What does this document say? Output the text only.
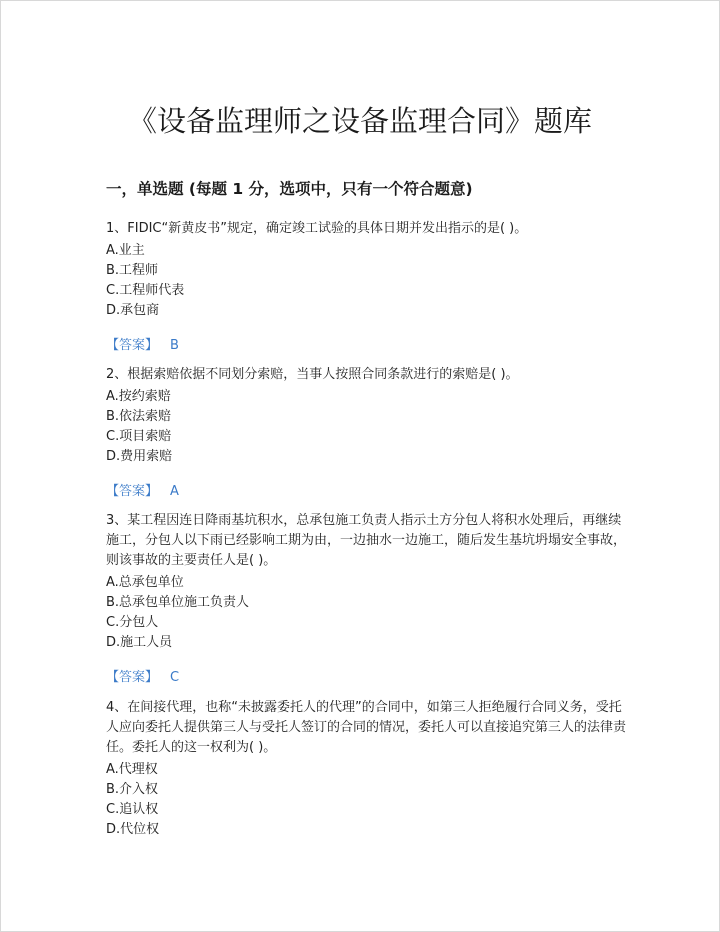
《设备监理师之设备监理合同》题库
一，单选题 (每题 1 分，选项中，只有一个符合题意)
1、FIDIC“新黄皮书”规定，确定竣工试验的具体日期并发出指示的是( )。
A.业主
B.工程师
C.工程师代表
D.承包商
【答案】 B
2、根据索赔依据不同划分索赔，当事人按照合同条款进行的索赔是( )。
A.按约索赔
B.依法索赔
C.项目索赔
D.费用索赔
【答案】 A
3、某工程因连日降雨基坑积水，总承包施工负责人指示土方分包人将积水处理后，再继续施工，分包人以下雨已经影响工期为由，一边抽水一边施工，随后发生基坑坍塌安全事故，则该事故的主要责任人是( )。
A.总承包单位
B.总承包单位施工负责人
C.分包人
D.施工人员
【答案】 C
4、在间接代理，也称“未披露委托人的代理”的合同中，如第三人拒绝履行合同义务，受托人应向委托人提供第三人与受托人签订的合同的情况，委托人可以直接追究第三人的法律责任。委托人的这一权利为( )。
A.代理权
B.介入权
C.追认权
D.代位权
